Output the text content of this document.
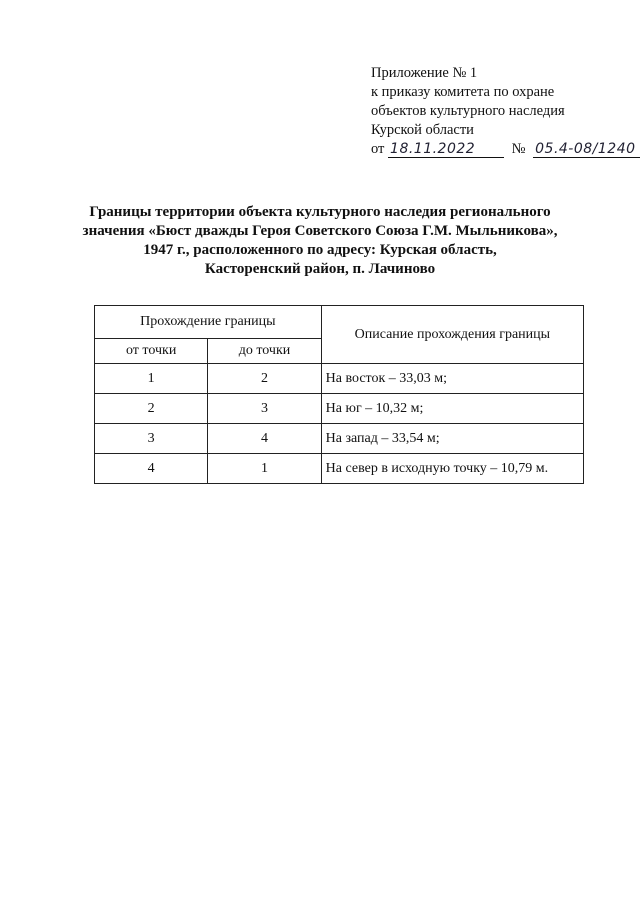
Приложение № 1
к приказу комитета по охране
объектов культурного наследия
Курской области
от 18.11.2022	№ 05.4-08/1240
Границы территории объекта культурного наследия регионального
значения «Бюст дважды Героя Советского Союза Г.М. Мыльникова»,
1947 г., расположенного по адресу: Курская область,
Касторенский район, п. Лачиново
Прохождение границы		Описание прохождения границы
от точки	до точки	
1	2	На восток – 33,03 м;
2	3	На юг – 10,32 м;
3	4	На запад – 33,54 м;
4	1	На север в исходную точку – 10,79 м.
